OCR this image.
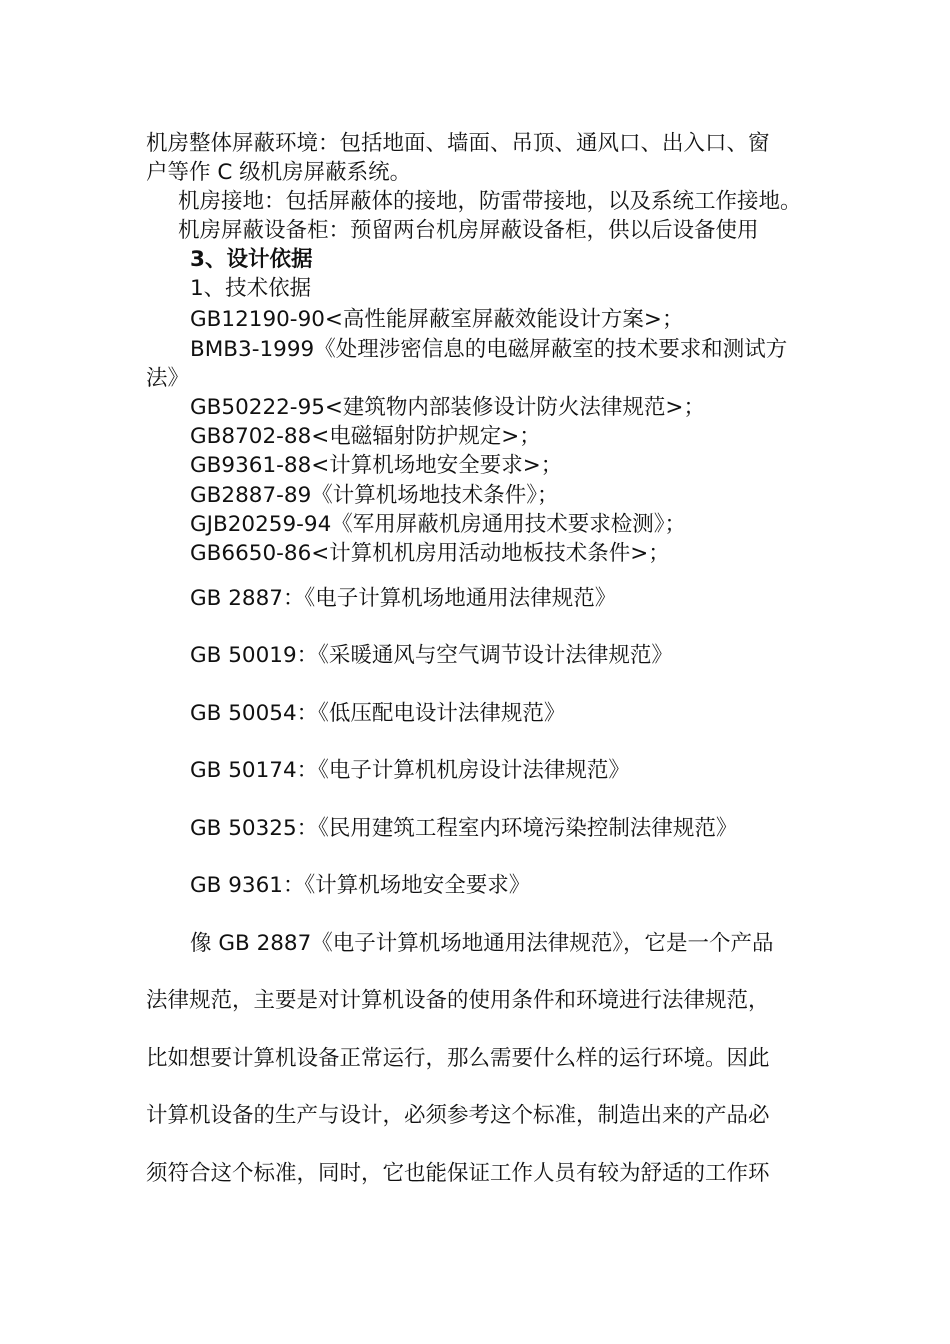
机房整体屏蔽环境：包括地面、墙面、吊顶、通风口、出入口、窗
户等作 C 级机房屏蔽系统。
机房接地：包括屏蔽体的接地，防雷带接地，以及系统工作接地。
机房屏蔽设备柜：预留两台机房屏蔽设备柜，供以后设备使用
3、设计依据
1、技术依据
GB12190-90<高性能屏蔽室屏蔽效能设计方案>；
BMB3-1999《处理涉密信息的电磁屏蔽室的技术要求和测试方
法》
GB50222-95<建筑物内部装修设计防火法律规范>；
GB8702-88<电磁辐射防护规定>；
GB9361-88<计算机场地安全要求>；
GB2887-89《计算机场地技术条件》；
GJB20259-94《军用屏蔽机房通用技术要求检测》；
GB6650-86<计算机机房用活动地板技术条件>；
GB 2887：《电子计算机场地通用法律规范》
GB 50019：《采暖通风与空气调节设计法律规范》
GB 50054：《低压配电设计法律规范》
GB 50174：《电子计算机机房设计法律规范》
GB 50325：《民用建筑工程室内环境污染控制法律规范》
GB 9361：《计算机场地安全要求》
像 GB 2887《电子计算机场地通用法律规范》，它是一个产品
法律规范，主要是对计算机设备的使用条件和环境进行法律规范，
比如想要计算机设备正常运行，那么需要什么样的运行环境。因此
计算机设备的生产与设计，必须参考这个标准，制造出来的产品必
须符合这个标准，同时，它也能保证工作人员有较为舒适的工作环
